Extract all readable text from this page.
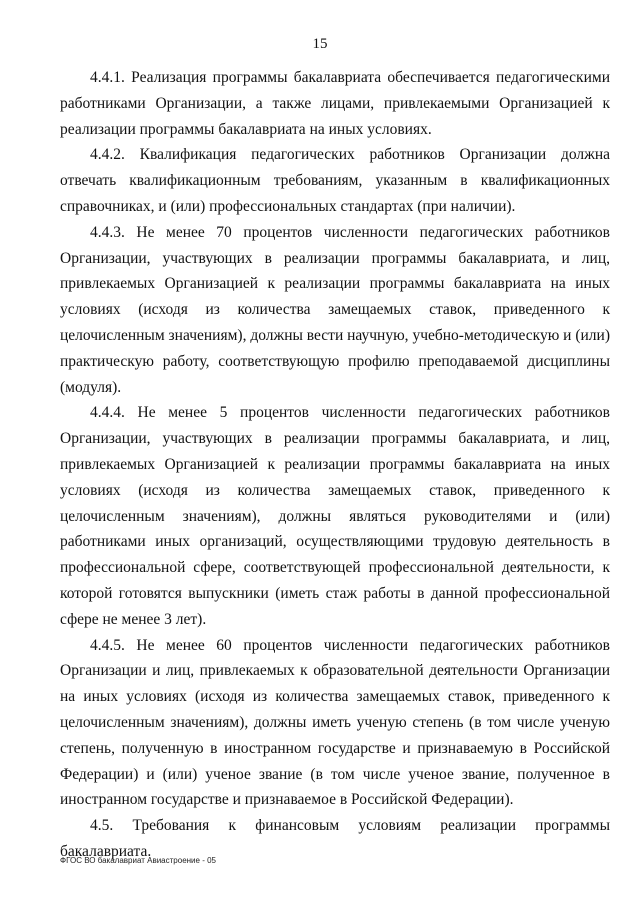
15

4.4.1. Реализация программы бакалавриата обеспечивается педагогическими работниками Организации, а также лицами, привлекаемыми Организацией к реализации программы бакалавриата на иных условиях.

4.4.2. Квалификация педагогических работников Организации должна отвечать квалификационным требованиям, указанным в квалификационных справочниках, и (или) профессиональных стандартах (при наличии).

4.4.3. Не менее 70 процентов численности педагогических работников Организации, участвующих в реализации программы бакалавриата, и лиц, привлекаемых Организацией к реализации программы бакалавриата на иных условиях (исходя из количества замещаемых ставок, приведенного к целочисленным значениям), должны вести научную, учебно-методическую и (или) практическую работу, соответствующую профилю преподаваемой дисциплины (модуля).

4.4.4. Не менее 5 процентов численности педагогических работников Организации, участвующих в реализации программы бакалавриата, и лиц, привлекаемых Организацией к реализации программы бакалавриата на иных условиях (исходя из количества замещаемых ставок, приведенного к целочисленным значениям), должны являться руководителями и (или) работниками иных организаций, осуществляющими трудовую деятельность в профессиональной сфере, соответствующей профессиональной деятельности, к которой готовятся выпускники (иметь стаж работы в данной профессиональной сфере не менее 3 лет).

4.4.5. Не менее 60 процентов численности педагогических работников Организации и лиц, привлекаемых к образовательной деятельности Организации на иных условиях (исходя из количества замещаемых ставок, приведенного к целочисленным значениям), должны иметь ученую степень (в том числе ученую степень, полученную в иностранном государстве и признаваемую в Российской Федерации) и (или) ученое звание (в том числе ученое звание, полученное в иностранном государстве и признаваемое в Российской Федерации).

4.5. Требования к финансовым условиям реализации программы бакалавриата.

ФГОС ВО бакалавриат Авиастроение - 05
